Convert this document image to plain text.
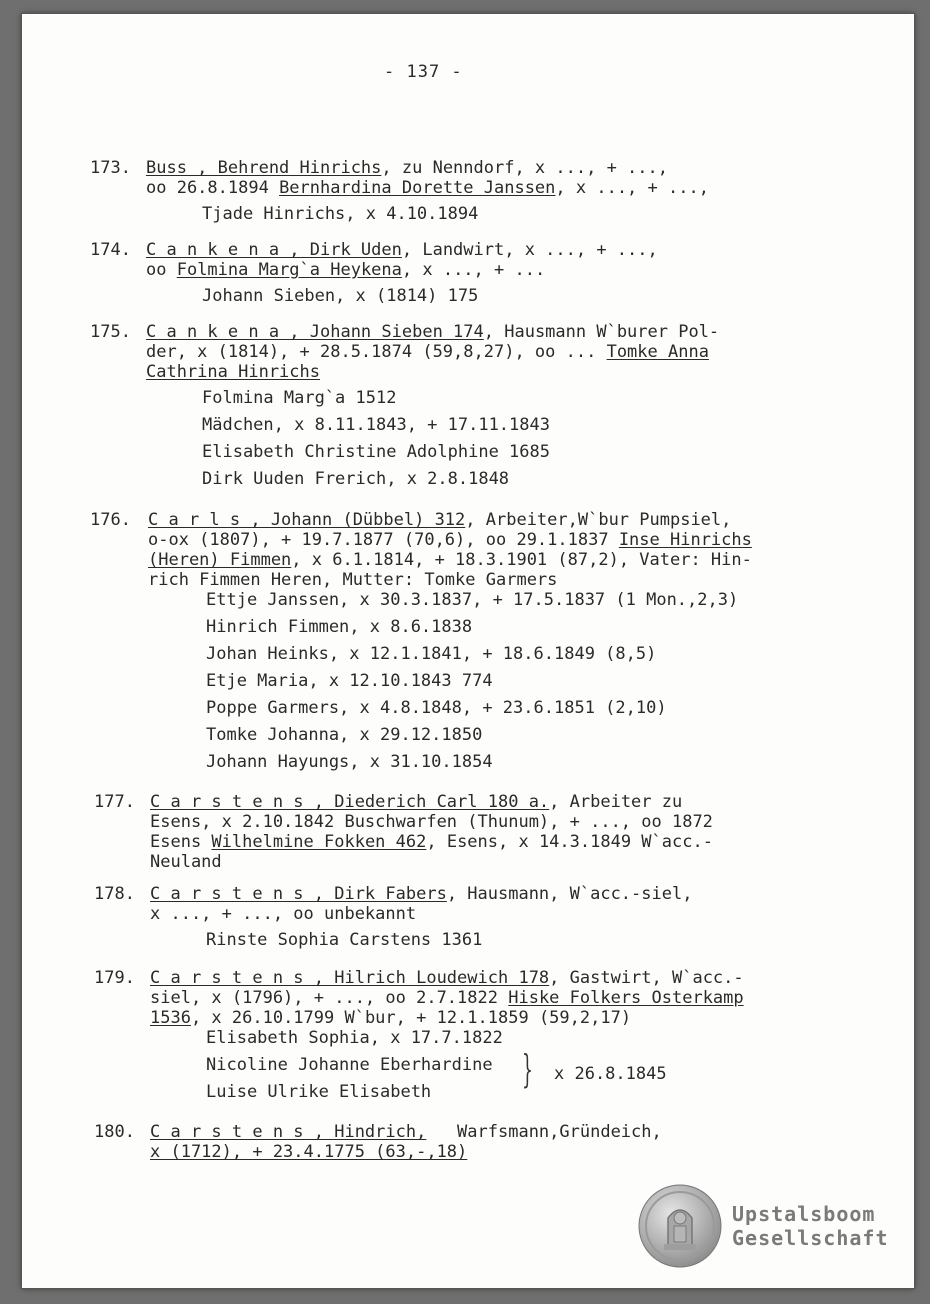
- 137 -
173. Buss , Behrend Hinrichs, zu Nenndorf, x ..., + ...,
oo 26.8.1894 Bernhardina Dorette Janssen, x ..., + ...,
Tjade Hinrichs, x 4.10.1894
174. C a n k e n a , Dirk Uden, Landwirt, x ..., + ...,
oo Folmina Marg`a Heykena, x ..., + ...
Johann Sieben, x (1814) 175
175. C a n k e n a , Johann Sieben 174, Hausmann W`burer Pol-
der, x (1814), + 28.5.1874 (59,8,27), oo ... Tomke Anna
Cathrina Hinrichs
Folmina Marg`a 1512
Mädchen, x 8.11.1843, + 17.11.1843
Elisabeth Christine Adolphine 1685
Dirk Uuden Frerich, x 2.8.1848
176. C a r l s , Johann (Dübbel) 312, Arbeiter,W`bur Pumpsiel,
o-ox (1807), + 19.7.1877 (70,6), oo 29.1.1837 Inse Hinrichs
(Heren) Fimmen, x 6.1.1814, + 18.3.1901 (87,2), Vater: Hin-
rich Fimmen Heren, Mutter: Tomke Garmers
Ettje Janssen, x 30.3.1837, + 17.5.1837 (1 Mon.,2,3)
Hinrich Fimmen, x 8.6.1838
Johan Heinks, x 12.1.1841, + 18.6.1849 (8,5)
Etje Maria, x 12.10.1843 774
Poppe Garmers, x 4.8.1848, + 23.6.1851 (2,10)
Tomke Johanna, x 29.12.1850
Johann Hayungs, x 31.10.1854
177. C a r s t e n s , Diederich Carl 180 a., Arbeiter zu
Esens, x 2.10.1842 Buschwarfen (Thunum), + ..., oo 1872
Esens Wilhelmine Fokken 462, Esens, x 14.3.1849 W`acc.-
Neuland
178. C a r s t e n s , Dirk Fabers, Hausmann, W`acc.-siel,
x ..., + ..., oo unbekannt
Rinste Sophia Carstens 1361
179. C a r s t e n s , Hilrich Loudewich 178, Gastwirt, W`acc.-
siel, x (1796), + ..., oo 2.7.1822 Hiske Folkers Osterkamp
1536, x 26.10.1799 W`bur, + 12.1.1859 (59,2,17)
Elisabeth Sophia, x 17.7.1822
Nicoline Johanne Eberhardine
Luise Ulrike Elisabeth
} x 26.8.1845
180. C a r s t e n s , Hindrich,   Warfsmann,Gründeich,
x (1712), + 23.4.1775 (63,-,18)
Upstalsboom
Gesellschaft
